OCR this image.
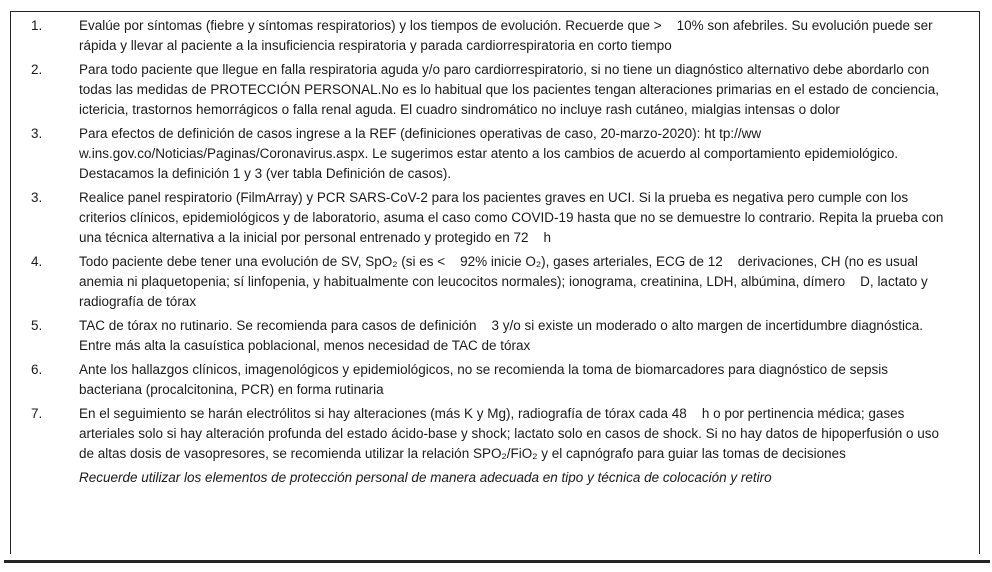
1.	Evalúe por síntomas (fiebre y síntomas respiratorios) y los tiempos de evolución. Recuerde que >    10% son afebriles. Su evolución puede ser rápida y llevar al paciente a la insuficiencia respiratoria y parada cardiorrespiratoria en corto tiempo
2.	Para todo paciente que llegue en falla respiratoria aguda y/o paro cardiorrespiratorio, si no tiene un diagnóstico alternativo debe abordarlo con todas las medidas de PROTECCIÓN PERSONAL.No es lo habitual que los pacientes tengan alteraciones primarias en el estado de conciencia, ictericia, trastornos hemorrágicos o falla renal aguda. El cuadro sindromático no incluye rash cutáneo, mialgias intensas o dolor
3.	Para efectos de definición de casos ingrese a la REF (definiciones operativas de caso, 20-marzo-2020): ht tp://ww w.ins.gov.co/Noticias/Paginas/Coronavirus.aspx. Le sugerimos estar atento a los cambios de acuerdo al comportamiento epidemiológico. Destacamos la definición 1 y 3 (ver tabla Definición de casos).
3.	Realice panel respiratorio (FilmArray) y PCR SARS-CoV-2 para los pacientes graves en UCI. Si la prueba es negativa pero cumple con los criterios clínicos, epidemiológicos y de laboratorio, asuma el caso como COVID-19 hasta que no se demuestre lo contrario. Repita la prueba con una técnica alternativa a la inicial por personal entrenado y protegido en 72    h
4.	Todo paciente debe tener una evolución de SV, SpO₂ (si es <    92% inicie O₂), gases arteriales, ECG de 12    derivaciones, CH (no es usual anemia ni plaquetopenia; sí linfopenia, y habitualmente con leucocitos normales); ionograma, creatinina, LDH, albúmina, dímero    D, lactato y radiografía de tórax
5.	TAC de tórax no rutinario. Se recomienda para casos de definición    3 y/o si existe un moderado o alto margen de incertidumbre diagnóstica. Entre más alta la casuística poblacional, menos necesidad de TAC de tórax
6.	Ante los hallazgos clínicos, imagenológicos y epidemiológicos, no se recomienda la toma de biomarcadores para diagnóstico de sepsis bacteriana (procalcitonina, PCR) en forma rutinaria
7.	En el seguimiento se harán electrólitos si hay alteraciones (más K y Mg), radiografía de tórax cada 48    h o por pertinencia médica; gases arteriales solo si hay alteración profunda del estado ácido-base y shock; lactato solo en casos de shock. Si no hay datos de hipoperfusión o uso de altas dosis de vasopresores, se recomienda utilizar la relación SPO₂/FiO₂ y el capnógrafo para guiar las tomas de decisiones
Recuerde utilizar los elementos de protección personal de manera adecuada en tipo y técnica de colocación y retiro
